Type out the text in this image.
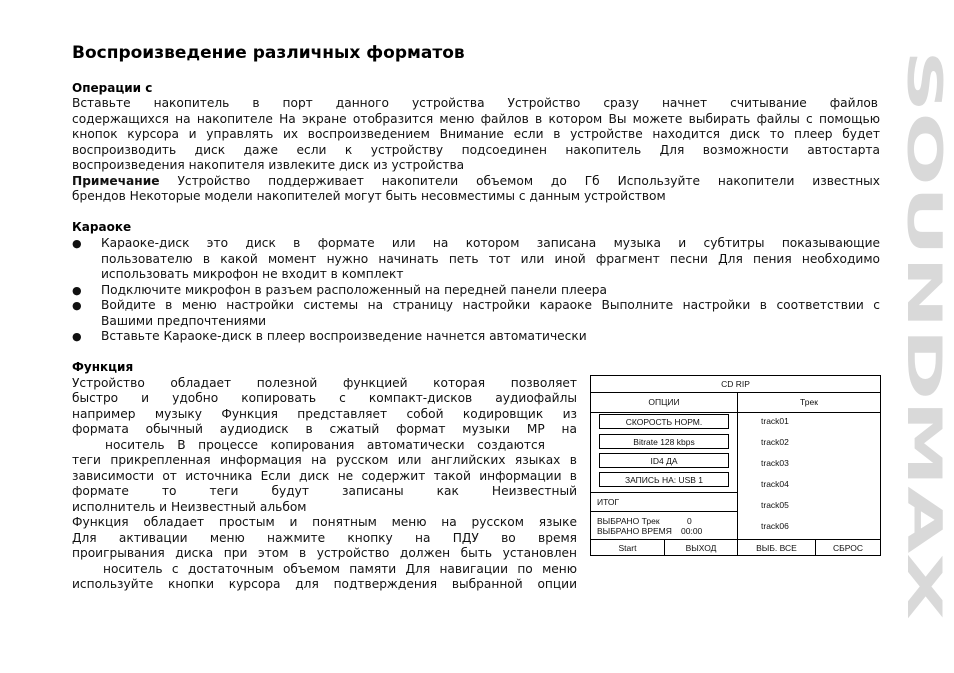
Воспроизведение различных форматов	SOUNDMAX
Операции с
Вставьте накопитель в порт данного устройства Устройство сразу начнет считывание файлов
содержащихся на накопителе На экране отобразится меню файлов в котором Вы можете выбирать файлы с помощью
кнопок курсора и управлять их воспроизведением Внимание если в устройстве находится диск то плеер будет
воспроизводить диск даже если к устройству подсоединен накопитель Для возможности автостарта
воспроизведения накопителя извлеките диск из устройства
Примечание Устройство поддерживает накопители объемом до Гб Используйте накопители известных
брендов Некоторые модели накопителей могут быть несовместимы с данным устройством
Караоке
● Караоке-диск это диск в формате или на котором записана музыка и субтитры показывающие
пользователю в какой момент нужно начинать петь тот или иной фрагмент песни Для пения необходимо
использовать микрофон не входит в комплект
● Подключите микрофон в разъем расположенный на передней панели плеера
● Войдите в меню настройки системы на страницу настройки караоке Выполните настройки в соответствии с
Вашими предпочтениями
● Вставьте Караоке-диск в плеер воспроизведение начнется автоматически
Функция
Устройство обладает полезной функцией которая позволяет
быстро и удобно копировать с компакт-дисков аудиофайлы
например музыку Функция представляет собой кодировщик из
формата обычный аудиодиск в сжатый формат музыки МР на
носитель В процессе копирования автоматически создаются
теги прикрепленная информация на русском или английских языках в
зависимости от источника Если диск не содержит такой информации в
формате то теги будут записаны как Неизвестный
исполнитель и Неизвестный альбом
Функция обладает простым и понятным меню на русском языке
Для активации меню нажмите кнопку на ПДУ во время
проигрывания диска при этом в устройство должен быть установлен
носитель с достаточным объемом памяти Для навигации по меню
используйте кнопки курсора для подтверждения выбранной опции
CD RIP
ОПЦИИ	Трек
СКОРОСТЬ НОРМ.
Bitrate 128 kbps
ID4 ДА
ЗАПИСЬ НА: USB 1
ИТОГ
ВЫБРАНО Трек	0
ВЫБРАНО ВРЕМЯ 00:00
track01
track02
track03
track04
track05
track06
Start	ВЫХОД	ВЫБ. ВСЕ	СБРОС
